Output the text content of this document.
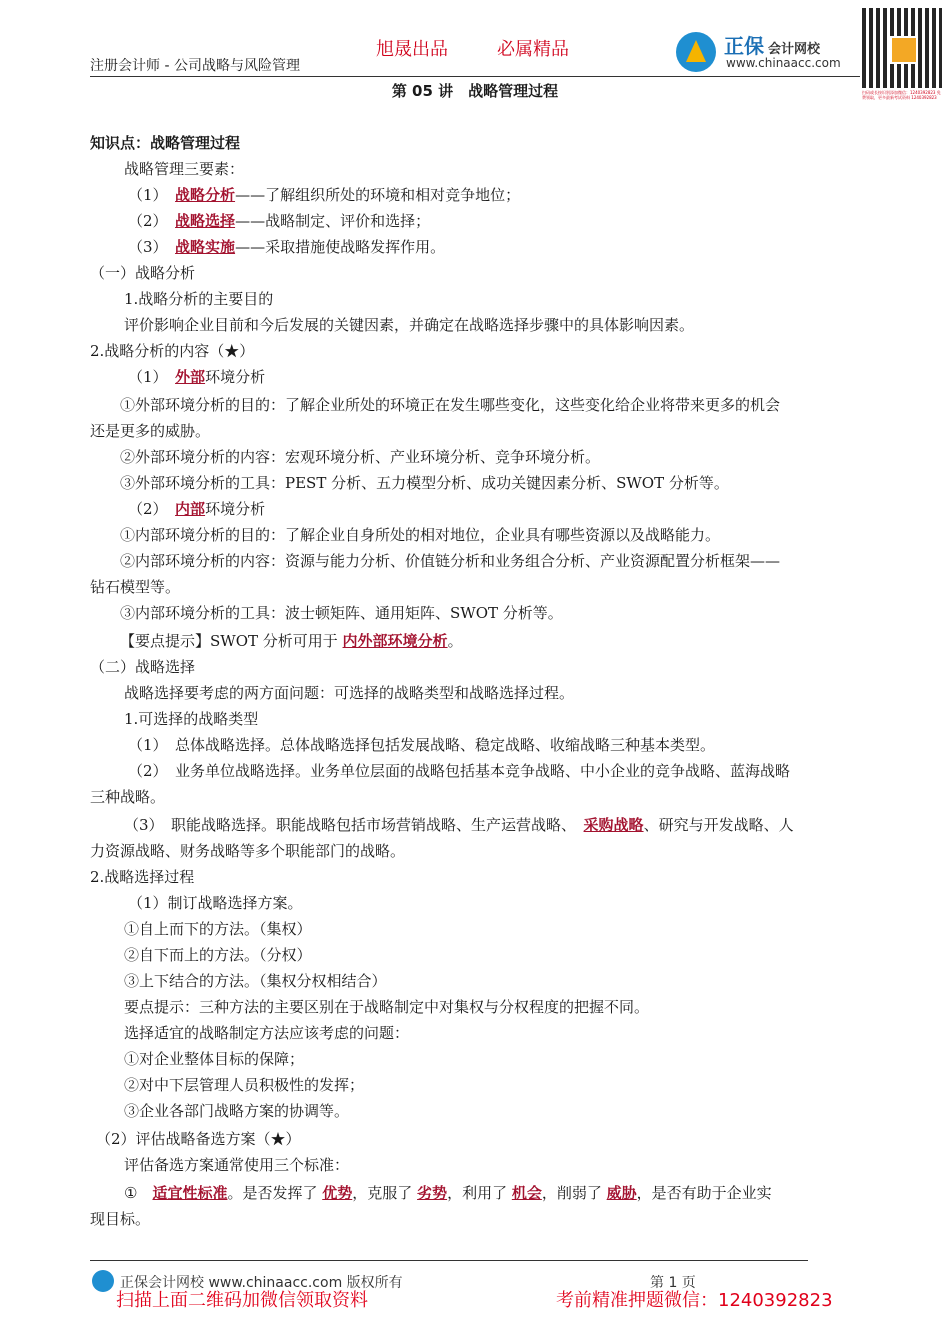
注册会计师 - 公司战略与风险管理
旭晟出品	必属精品	正保 会计网校
www.chinaacc.com
扫码或长按识别添加微信：1240392823 免费领取，更多最新考试资料 1240392823
第 05 讲　战略管理过程
知识点：战略管理过程
战略管理三要素：
（1）　战略分析——了解组织所处的环境和相对竞争地位；
（2）　战略选择——战略制定、评价和选择；
（3）　战略实施——采取措施使战略发挥作用。
（一）战略分析
1.战略分析的主要目的
评价影响企业目前和今后发展的关键因素，并确定在战略选择步骤中的具体影响因素。
2.战略分析的内容（★）
（1）　外部环境分析
①外部环境分析的目的：了解企业所处的环境正在发生哪些变化，这些变化给企业将带来更多的机会
还是更多的威胁。
②外部环境分析的内容：宏观环境分析、产业环境分析、竞争环境分析。
③外部环境分析的工具：PEST 分析、五力模型分析、成功关键因素分析、SWOT 分析等。
（2）　内部环境分析
①内部环境分析的目的：了解企业自身所处的相对地位，企业具有哪些资源以及战略能力。
②内部环境分析的内容：资源与能力分析、价值链分析和业务组合分析、产业资源配置分析框架——
钻石模型等。
③内部环境分析的工具：波士顿矩阵、通用矩阵、SWOT 分析等。
【要点提示】SWOT 分析可用于 内外部环境分析。
（二）战略选择
战略选择要考虑的两方面问题：可选择的战略类型和战略选择过程。
1.可选择的战略类型
（1）　总体战略选择。总体战略选择包括发展战略、稳定战略、收缩战略三种基本类型。
（2）　业务单位战略选择。业务单位层面的战略包括基本竞争战略、中小企业的竞争战略、蓝海战略
三种战略。
（3）　职能战略选择。职能战略包括市场营销战略、生产运营战略、　采购战略、研究与开发战略、人
力资源战略、财务战略等多个职能部门的战略。
2.战略选择过程
（1）制订战略选择方案。
①自上而下的方法。（集权）
②自下而上的方法。（分权）
③上下结合的方法。（集权分权相结合）
要点提示：三种方法的主要区别在于战略制定中对集权与分权程度的把握不同。
选择适宜的战略制定方法应该考虑的问题：
①对企业整体目标的保障；
②对中下层管理人员积极性的发挥；
③企业各部门战略方案的协调等。
（2）评估战略备选方案（★）
评估备选方案通常使用三个标准：
①　适宜性标准。是否发挥了 优势，克服了 劣势，利用了 机会，削弱了 威胁，是否有助于企业实
现目标。
正保会计网校 www.chinaacc.com 版权所有	第 1 页
扫描上面二维码加微信领取资料	考前精准押题微信：1240392823
